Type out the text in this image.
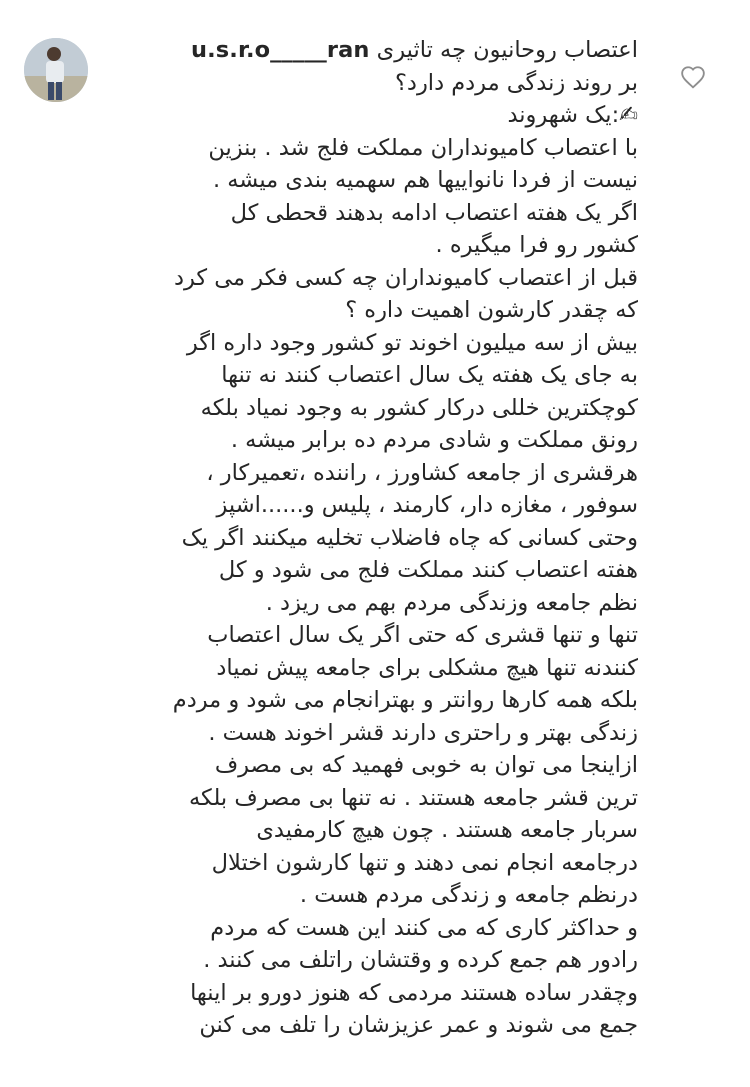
اعتصاب روحانیون چه تاثیری u.s.r.o_____ran
بر روند زندگی مردم دارد؟
✍:یک شهروند
با اعتصاب کامیونداران مملکت فلج شد . بنزین
نیست از فردا نانواییها هم سهمیه بندی میشه .
اگر یک هفته اعتصاب ادامه بدهند قحطی کل
کشور رو فرا میگیره .
قبل از اعتصاب کامیونداران چه کسی فکر می کرد
که چقدر کارشون اهمیت داره ؟
بیش از سه میلیون اخوند تو کشور وجود داره اگر
به جای یک هفته یک سال اعتصاب کنند نه تنها
کوچکترین خللی درکار کشور به وجود نمیاد بلکه
رونق مملکت و شادی مردم ده برابر میشه .
هرقشری از جامعه کشاورز ، راننده ،تعمیرکار ،
سوفور ، مغازه دار، کارمند ، پلیس و......اشپز
وحتی کسانی که چاه فاضلاب تخلیه میکنند اگر یک
هفته اعتصاب کنند مملکت فلج می شود و کل
نظم جامعه وزندگی مردم بهم می ریزد .
تنها و تنها قشری که حتی اگر یک سال اعتصاب
کنندنه تنها هیچ مشکلی برای جامعه پیش نمیاد
بلکه همه کارها روانتر و بهترانجام می شود و مردم
زندگی بهتر و راحتری دارند قشر اخوند هست .
ازاینجا می توان به خوبی فهمید که بی مصرف
ترین قشر جامعه هستند . نه تنها بی مصرف بلکه
سربار جامعه هستند . چون هیچ کارمفیدی
درجامعه انجام نمی دهند و تنها کارشون اختلال
درنظم جامعه و زندگی مردم هست .
و حداکثر کاری که می کنند این هست که مردم
رادور هم جمع کرده و وقتشان راتلف می کنند .
وچقدر ساده هستند مردمی که هنوز دورو بر اینها
جمع می شوند و عمر عزیزشان را تلف می کنن
